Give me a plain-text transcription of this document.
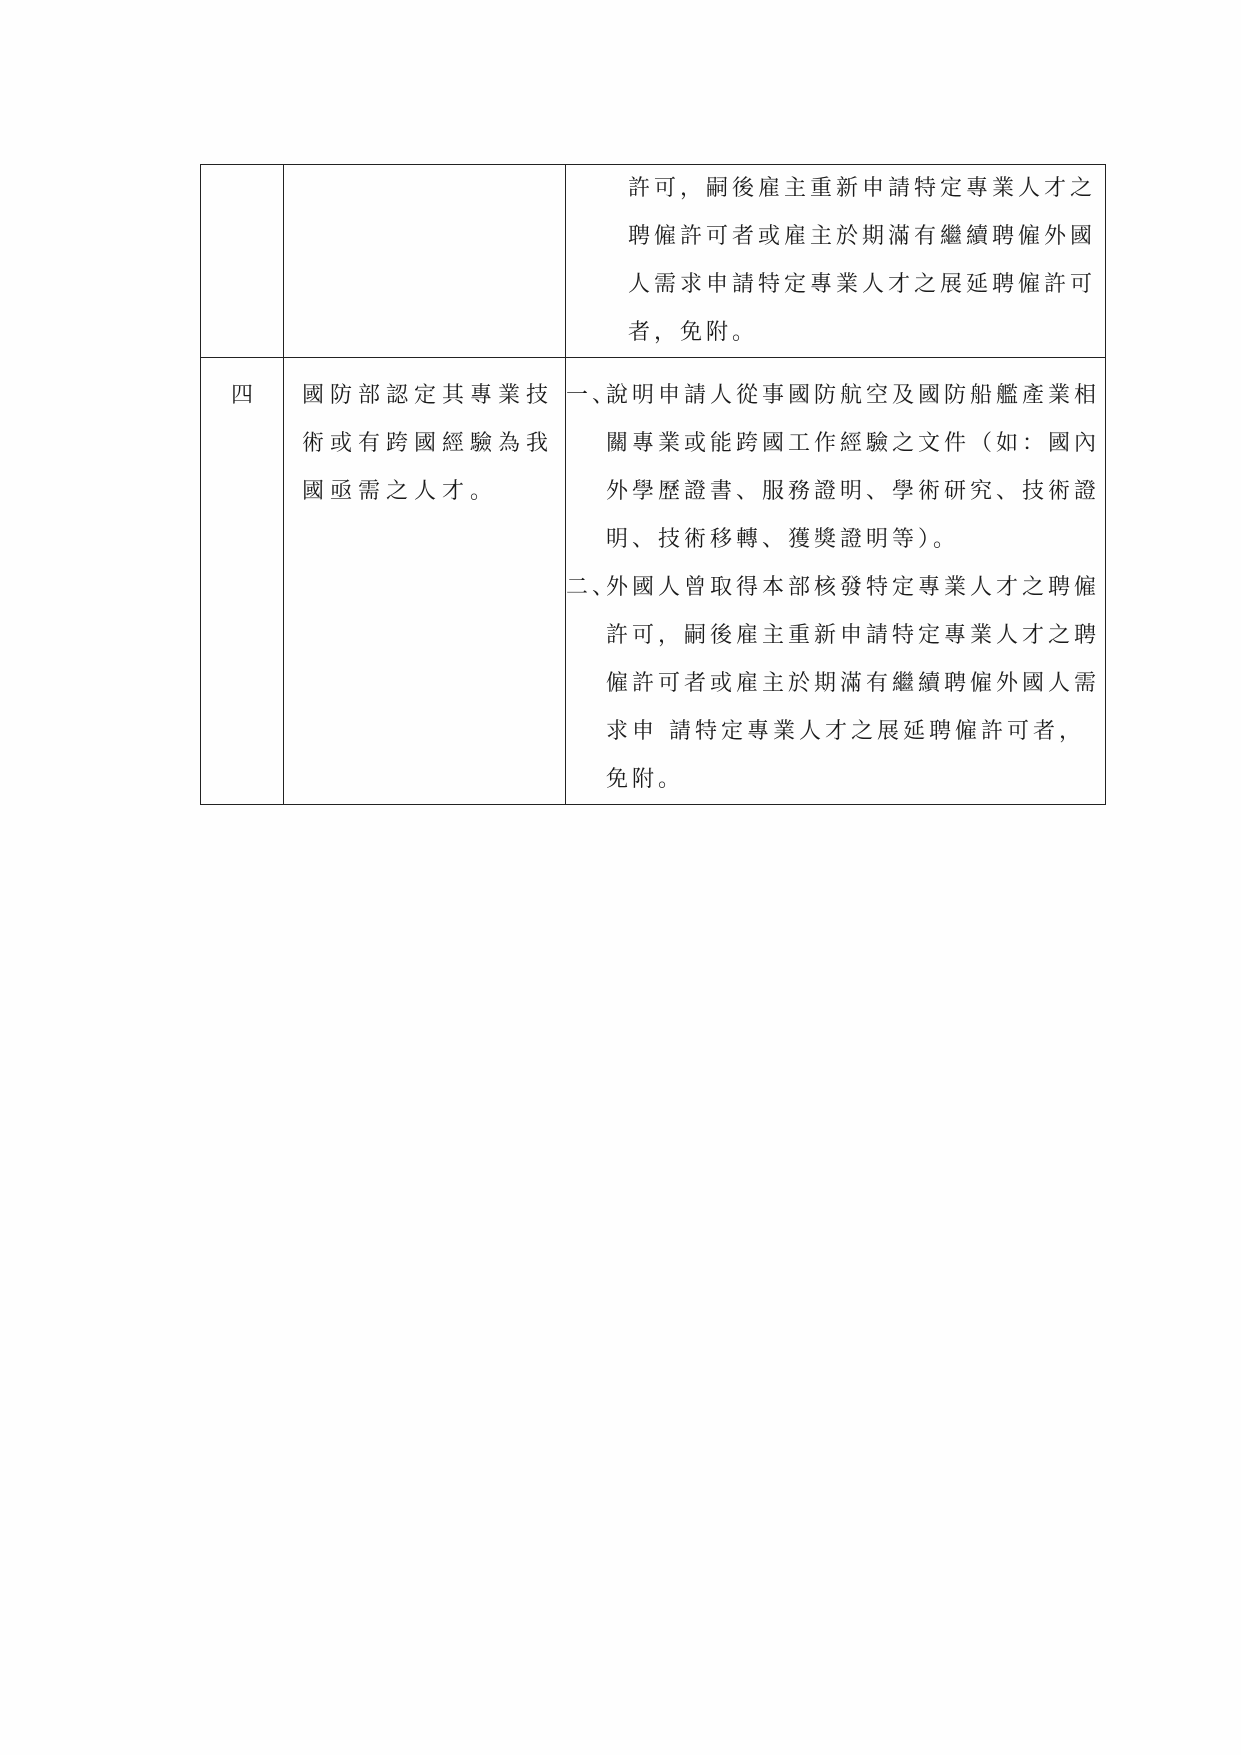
		許可，嗣後雇主重新申請特定專業人才之聘僱許可者或雇主於期滿有繼續聘僱外國人需求申請特定專業人才之展延聘僱許可者，免附。

四	國防部認定其專業技術或有跨國經驗為我國亟需之人才。	一、
說明申請人從事國防航空及國防船艦產業相關專業或能跨國工作經驗之文件（如：國內外學歷證書、服務證明、學術研究、技術證明、技術移轉、獲獎證明等）。
二、
外國人曾取得本部核發特定專業人才之聘僱許可，嗣後雇主重新申請特定專業人才之聘僱許可者或雇主於期滿有繼續聘僱外國人需求申 請特定專業人才之展延聘僱許可者，免附。
